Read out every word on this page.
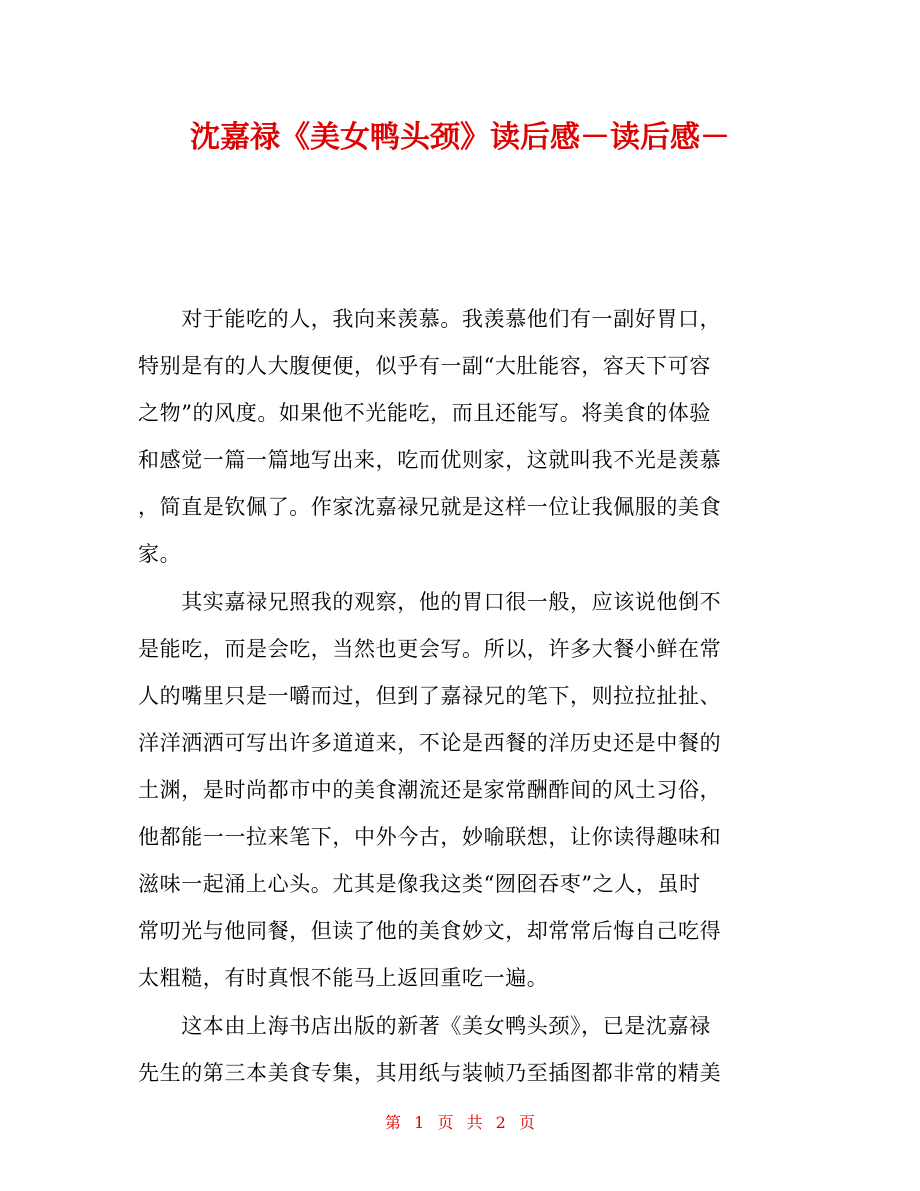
沈嘉禄《美女鸭头颈》读后感－读后感－
　　对于能吃的人，我向来羡慕。我羡慕他们有一副好胃口，
特别是有的人大腹便便，似乎有一副“大肚能容，容天下可容
之物”的风度。如果他不光能吃，而且还能写。将美食的体验
和感觉一篇一篇地写出来，吃而优则家，这就叫我不光是羡慕
，简直是钦佩了。作家沈嘉禄兄就是这样一位让我佩服的美食
家。
　　其实嘉禄兄照我的观察，他的胃口很一般，应该说他倒不
是能吃，而是会吃，当然也更会写。所以，许多大餐小鲜在常
人的嘴里只是一嚼而过，但到了嘉禄兄的笔下，则拉拉扯扯、
洋洋洒洒可写出许多道道来，不论是西餐的洋历史还是中餐的
土渊，是时尚都市中的美食潮流还是家常酬酢间的风土习俗，
他都能一一拉来笔下，中外今古，妙喻联想，让你读得趣味和
滋味一起涌上心头。尤其是像我这类“囫囵吞枣”之人，虽时
常叨光与他同餐，但读了他的美食妙文，却常常后悔自己吃得
太粗糙，有时真恨不能马上返回重吃一遍。
　　这本由上海书店出版的新著《美女鸭头颈》，已是沈嘉禄
先生的第三本美食专集，其用纸与装帧乃至插图都非常的精美
第 1 页 共 2 页
